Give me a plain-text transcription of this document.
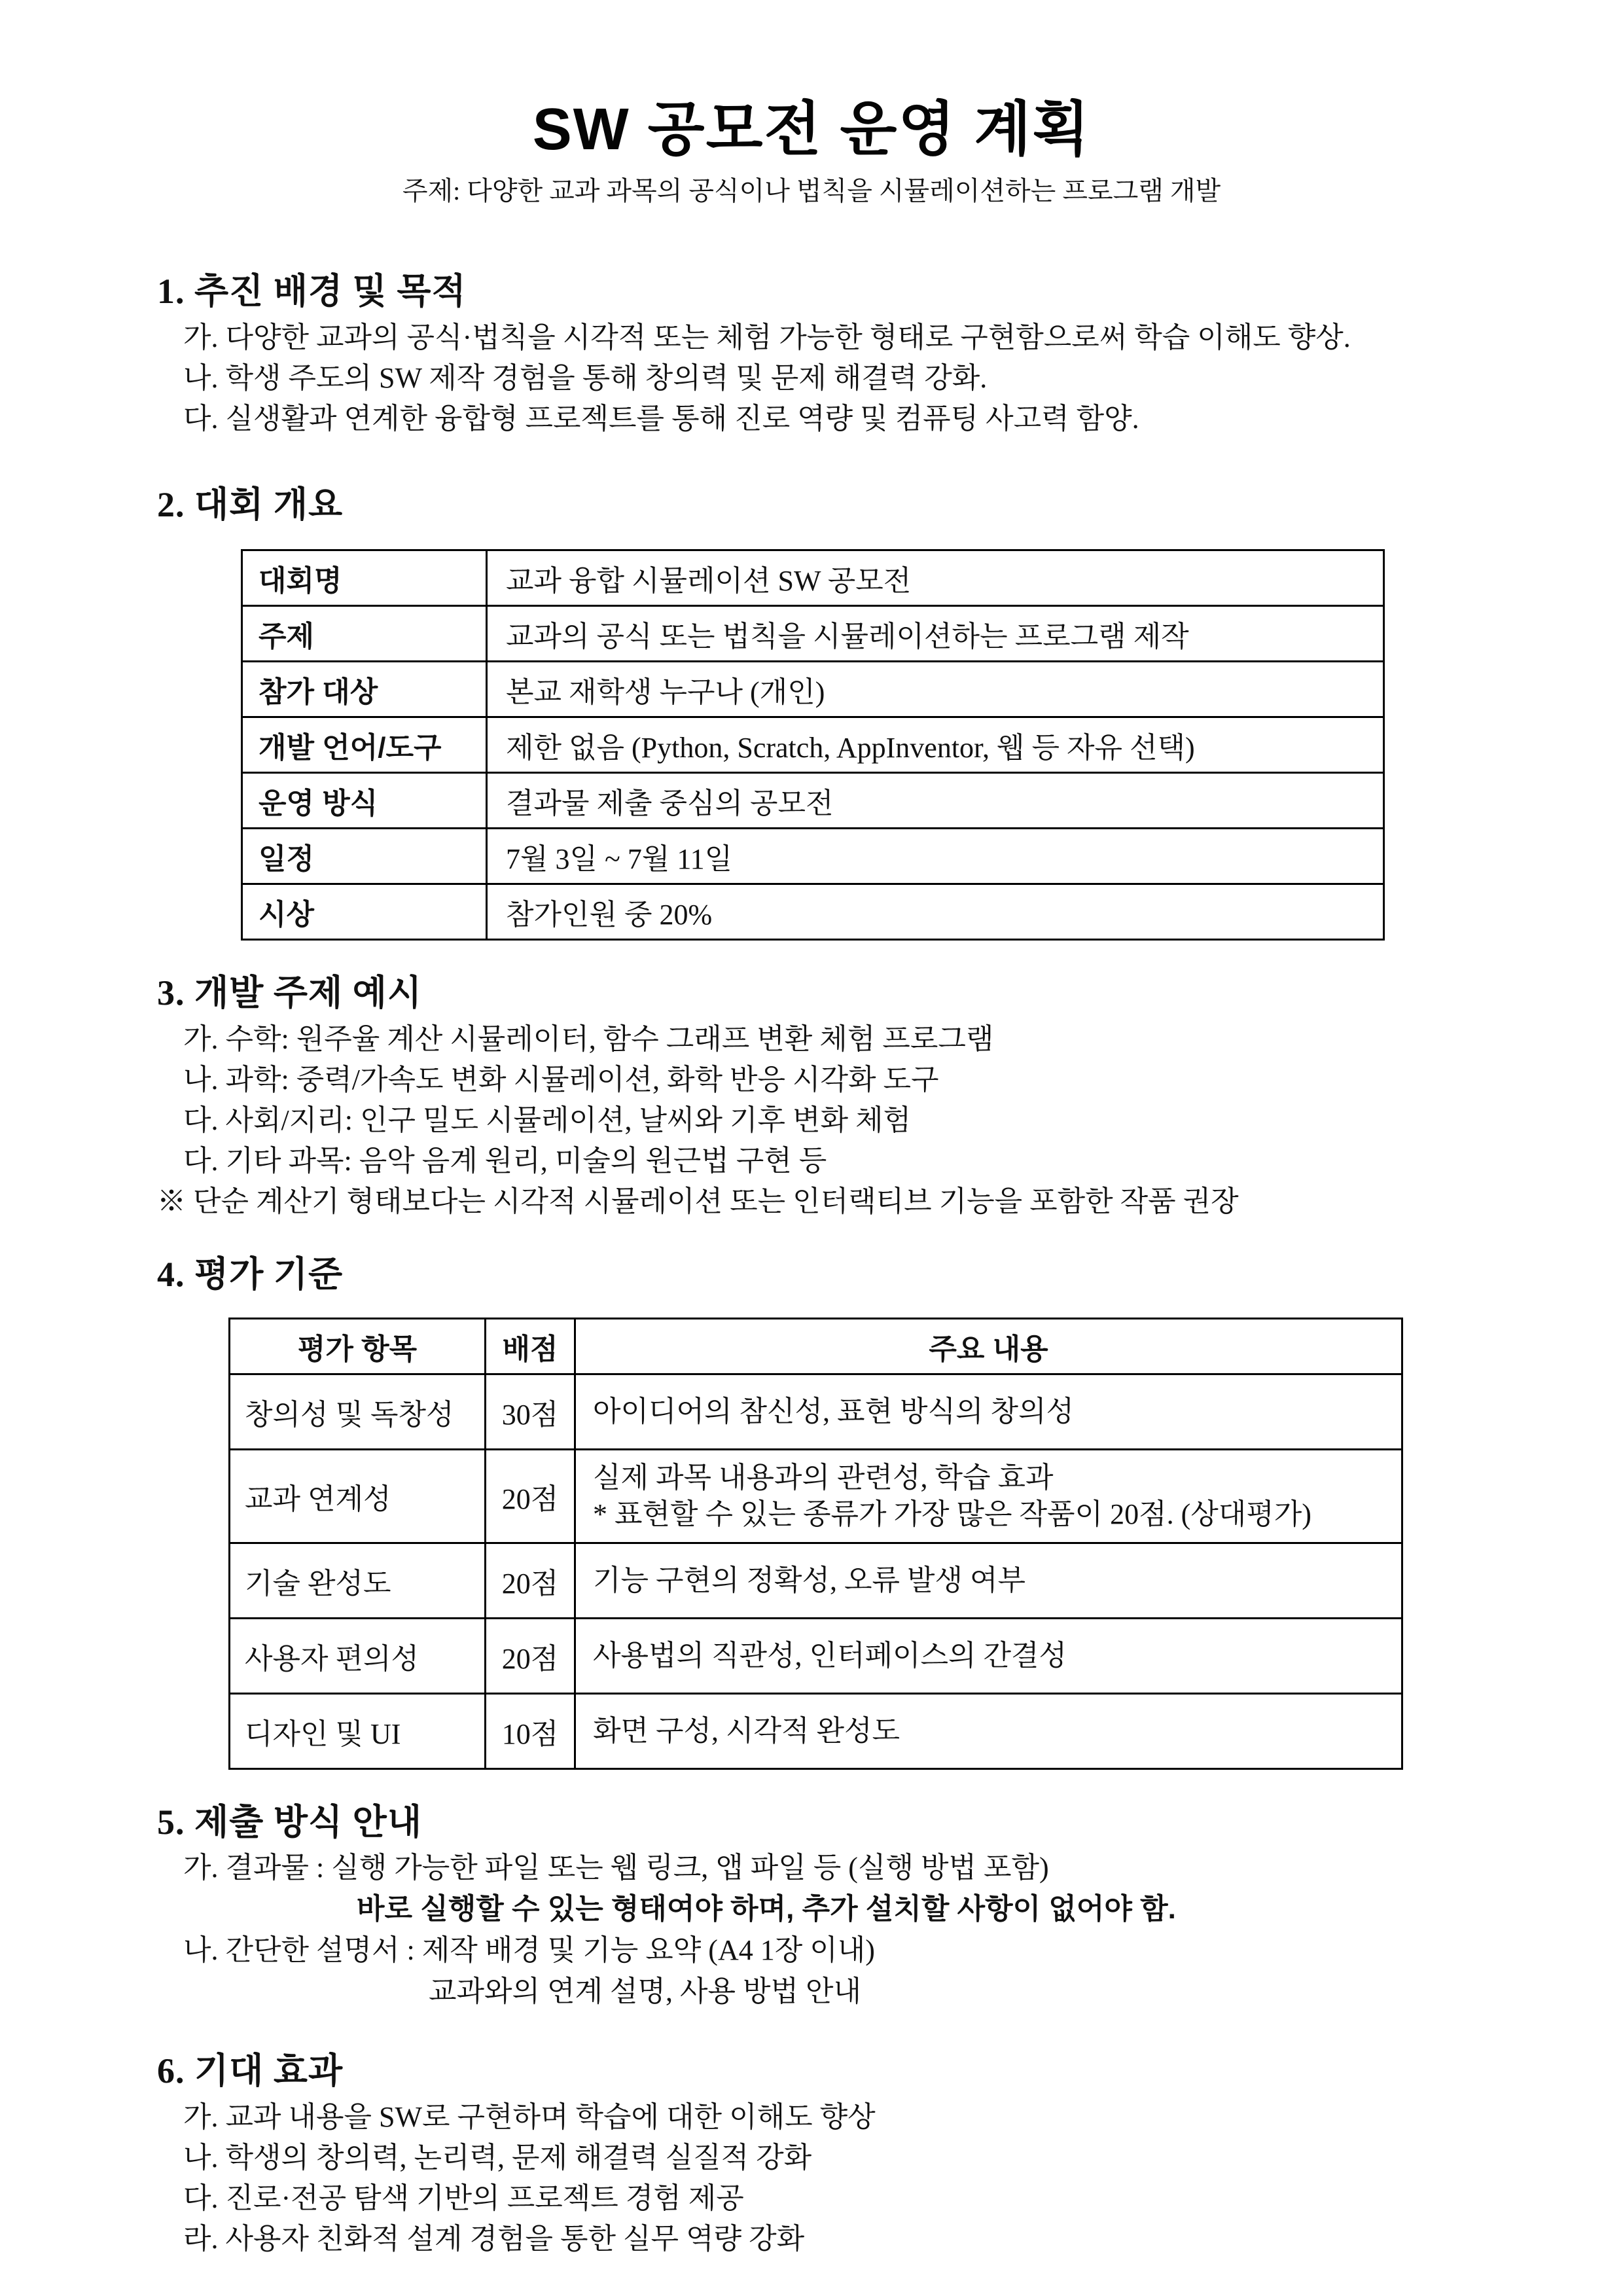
SW 공모전 운영 계획
주제: 다양한 교과 과목의 공식이나 법칙을 시뮬레이션하는 프로그램 개발
1. 추진 배경 및 목적
가. 다양한 교과의 공식·법칙을 시각적 또는 체험 가능한 형태로 구현함으로써 학습 이해도 향상.
나. 학생 주도의 SW 제작 경험을 통해 창의력 및 문제 해결력 강화.
다. 실생활과 연계한 융합형 프로젝트를 통해 진로 역량 및 컴퓨팅 사고력 함양.
2. 대회 개요
대회명	교과 융합 시뮬레이션 SW 공모전
주제	교과의 공식 또는 법칙을 시뮬레이션하는 프로그램 제작
참가 대상	본교 재학생 누구나 (개인)
개발 언어/도구	제한 없음 (Python, Scratch, AppInventor, 웹 등 자유 선택)
운영 방식	결과물 제출 중심의 공모전
일정	7월 3일 ~ 7월 11일
시상	참가인원 중 20%
3. 개발 주제 예시
가. 수학: 원주율 계산 시뮬레이터, 함수 그래프 변환 체험 프로그램
나. 과학: 중력/가속도 변화 시뮬레이션, 화학 반응 시각화 도구
다. 사회/지리: 인구 밀도 시뮬레이션, 날씨와 기후 변화 체험
다. 기타 과목: 음악 음계 원리, 미술의 원근법 구현 등
※ 단순 계산기 형태보다는 시각적 시뮬레이션 또는 인터랙티브 기능을 포함한 작품 권장
4. 평가 기준
평가 항목	배점	주요 내용
창의성 및 독창성	30점	아이디어의 참신성, 표현 방식의 창의성

교과 연계성	20점	실제 과목 내용과의 관련성, 학습 효과
* 표현할 수 있는 종류가 가장 많은 작품이 20점. (상대평가)

기술 완성도	20점	기능 구현의 정확성, 오류 발생 여부

사용자 편의성	20점	사용법의 직관성, 인터페이스의 간결성

디자인 및 UI	10점	화면 구성, 시각적 완성도
5. 제출 방식 안내
가. 결과물 : 실행 가능한 파일 또는 웹 링크, 앱 파일 등 (실행 방법 포함)
바로 실행할 수 있는 형태여야 하며, 추가 설치할 사항이 없어야 함.
나. 간단한 설명서 : 제작 배경 및 기능 요약 (A4 1장 이내)
교과와의 연계 설명, 사용 방법 안내
6. 기대 효과
가. 교과 내용을 SW로 구현하며 학습에 대한 이해도 향상
나. 학생의 창의력, 논리력, 문제 해결력 실질적 강화
다. 진로·전공 탐색 기반의 프로젝트 경험 제공
라. 사용자 친화적 설계 경험을 통한 실무 역량 강화
